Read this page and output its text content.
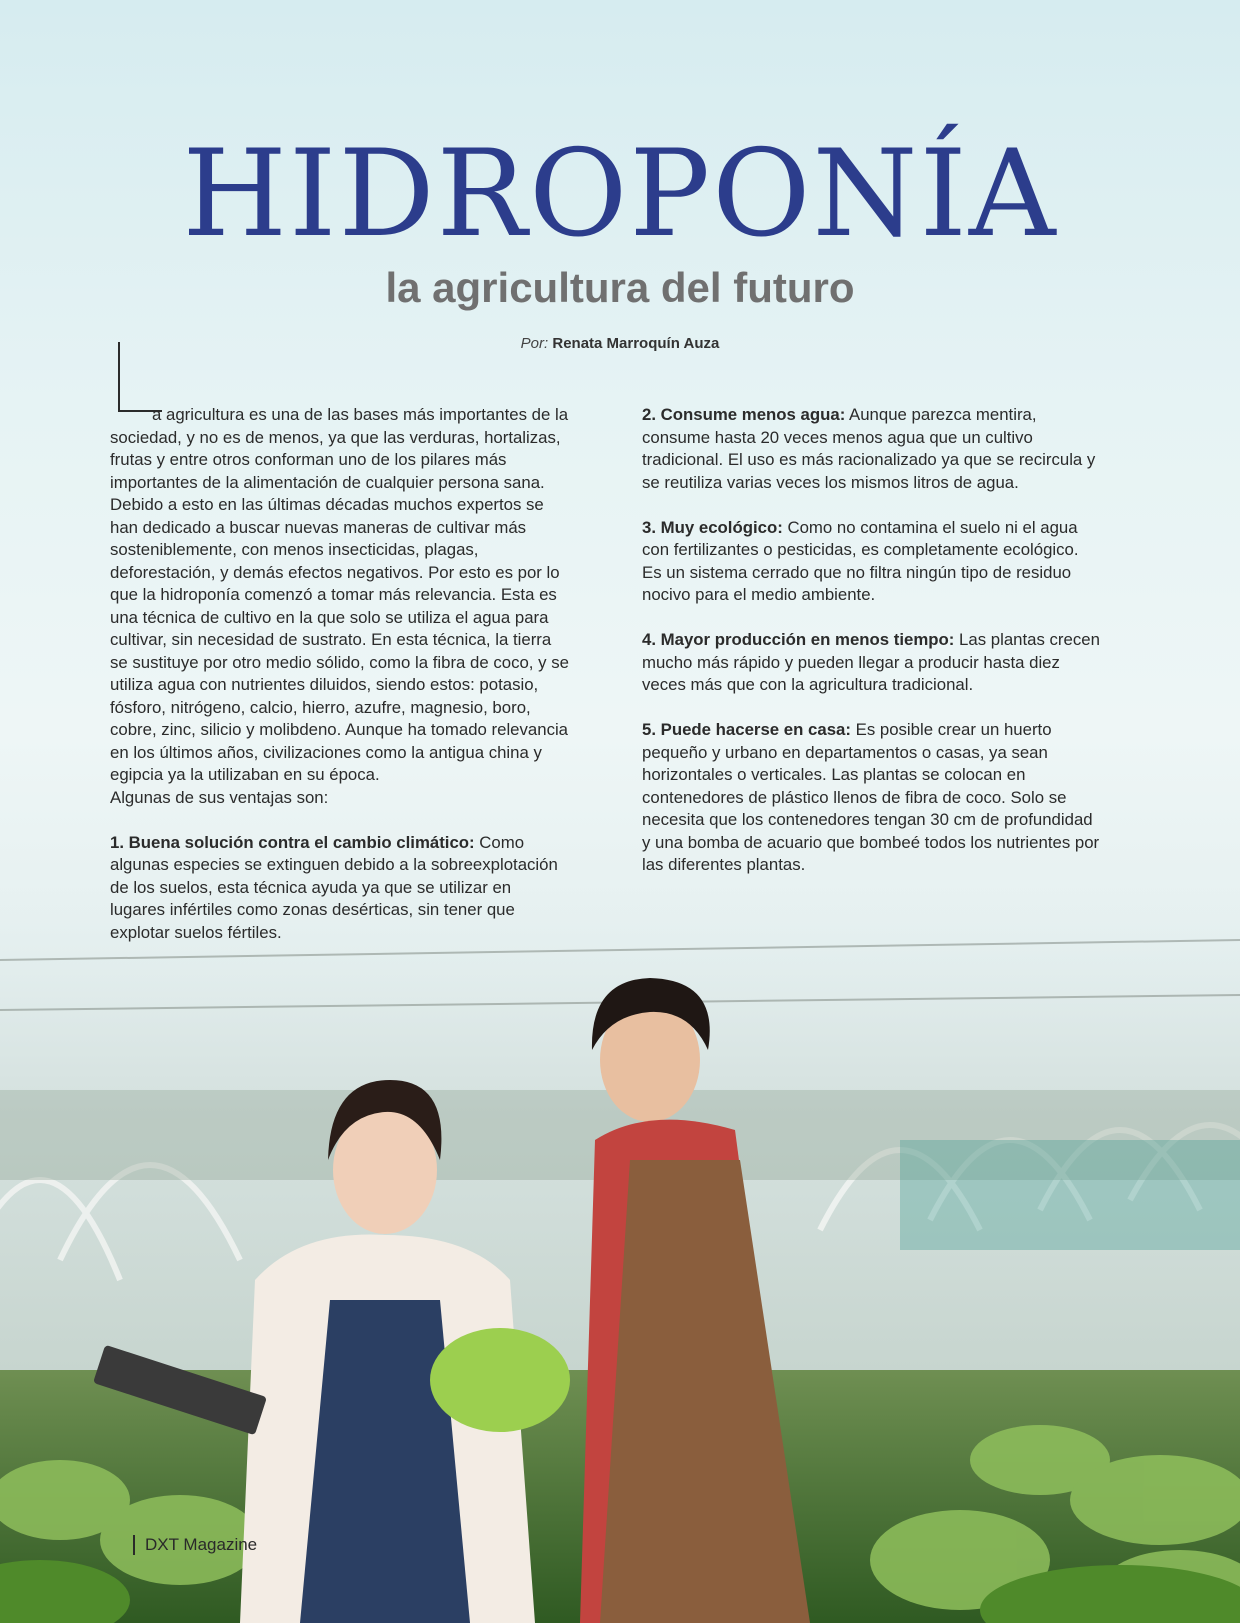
HIDROPONÍA
la agricultura del futuro
Por: Renata Marroquín Auza

a agricultura es una de las bases más importantes de la sociedad, y no es de menos, ya que las verduras, hortalizas, frutas y entre otros conforman uno de los pilares más importantes de la alimentación de cualquier persona sana. Debido a esto en las últimas décadas muchos expertos se han dedicado a buscar nuevas maneras de cultivar más sosteniblemente, con menos insecticidas, plagas, deforestación, y demás efectos negativos. Por esto es por lo que la hidroponía comenzó a tomar más relevancia. Esta es una técnica de cultivo en la que solo se utiliza el agua para cultivar, sin necesidad de sustrato. En esta técnica, la tierra se sustituye por otro medio sólido, como la fibra de coco, y se utiliza agua con nutrientes diluidos, siendo estos: potasio, fósforo, nitrógeno, calcio, hierro, azufre, magnesio, boro, cobre, zinc, silicio y molibdeno. Aunque ha tomado relevancia en los últimos años, civilizaciones como la antigua china y egipcia ya la utilizaban en su época.

Algunas de sus ventajas son:

1. Buena solución contra el cambio climático: Como algunas especies se extinguen debido a la sobreexplotación de los suelos, esta técnica ayuda ya que se utilizar en lugares infértiles como zonas desérticas, sin tener que explotar suelos fértiles.

2. Consume menos agua: Aunque parezca mentira, consume hasta 20 veces menos agua que un cultivo tradicional. El uso es más racionalizado ya que se recircula y se reutiliza varias veces los mismos litros de agua.

3. Muy ecológico: Como no contamina el suelo ni el agua con fertilizantes o pesticidas, es completamente ecológico. Es un sistema cerrado que no filtra ningún tipo de residuo nocivo para el medio ambiente.

4. Mayor producción en menos tiempo: Las plantas crecen mucho más rápido y pueden llegar a producir hasta diez veces más que con la agricultura tradicional.

5. Puede hacerse en casa: Es posible crear un huerto pequeño y urbano en departamentos o casas, ya sean horizontales o verticales. Las plantas se colocan en contenedores de plástico llenos de fibra de coco. Solo se necesita que los contenedores tengan 30 cm de profundidad y una bomba de acuario que bombeé todos los nutrientes por las diferentes plantas.

DXT Magazine
